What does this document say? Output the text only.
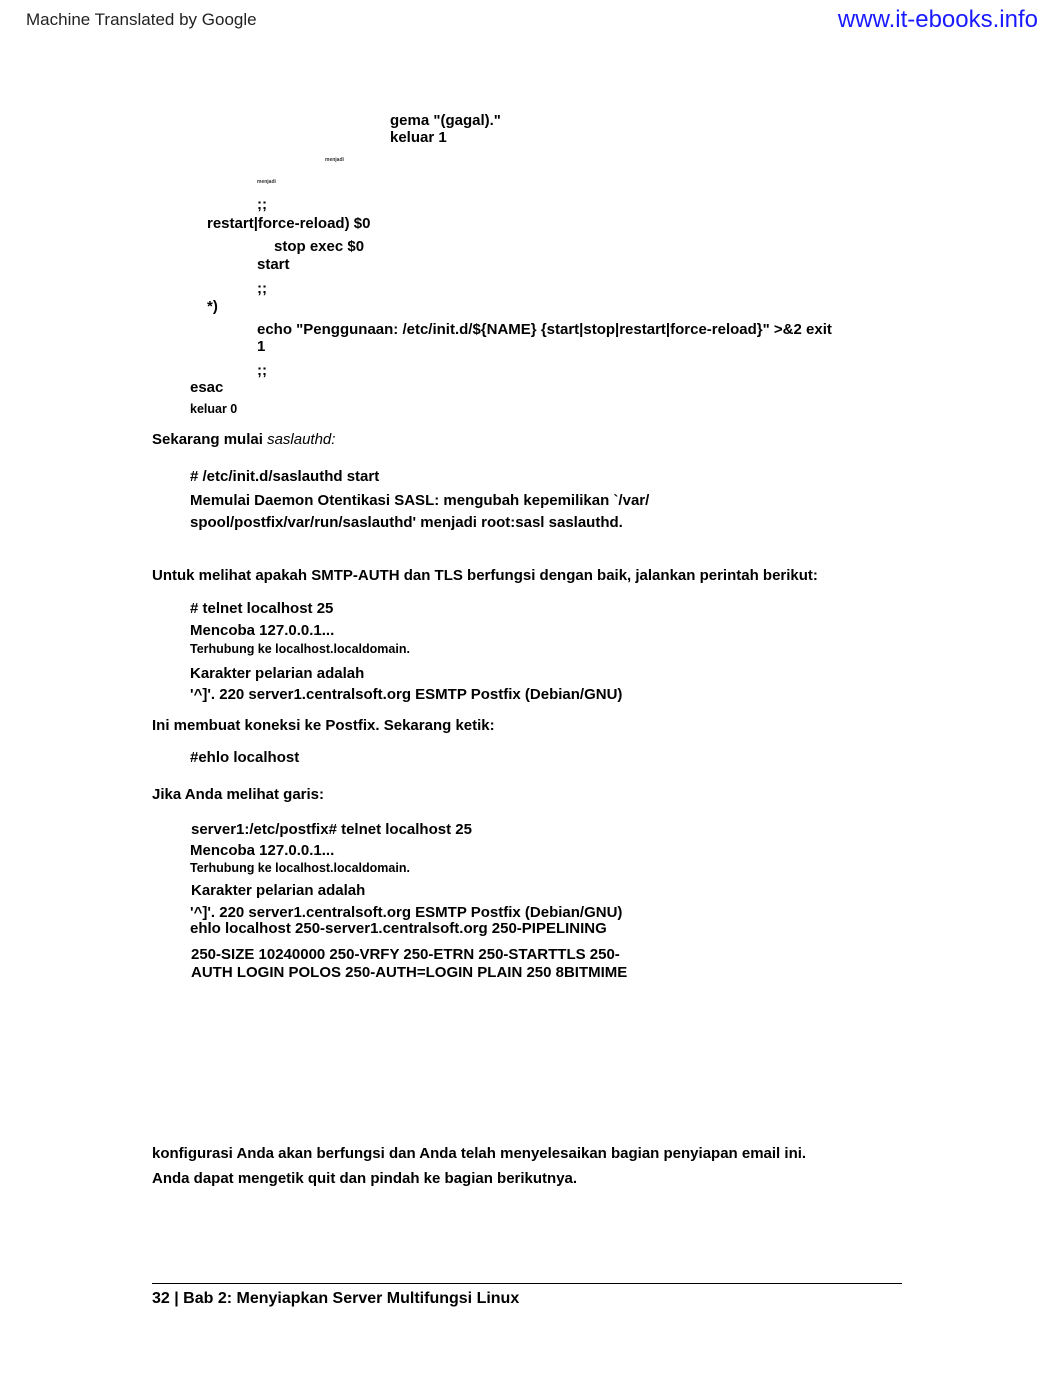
Machine Translated by Google	www.it-ebooks.info
gema "(gagal)."
keluar 1
menjadi
menjadi
;;
restart|force-reload) $0
stop exec $0
start
;;
*)
echo "Penggunaan: /etc/init.d/${NAME} {start|stop|restart|force-reload}" >&2 exit
1
;;
esac
keluar 0
Sekarang mulai saslauthd:
# /etc/init.d/saslauthd start
Memulai Daemon Otentikasi SASL: mengubah kepemilikan `/var/
spool/postfix/var/run/saslauthd' menjadi root:sasl saslauthd.
Untuk melihat apakah SMTP-AUTH dan TLS berfungsi dengan baik, jalankan perintah berikut:
# telnet localhost 25
Mencoba 127.0.0.1...
Terhubung ke localhost.localdomain.
Karakter pelarian adalah
'^]'. 220 server1.centralsoft.org ESMTP Postfix (Debian/GNU)
Ini membuat koneksi ke Postfix. Sekarang ketik:
#ehlo localhost
Jika Anda melihat garis:
server1:/etc/postfix# telnet localhost 25
Mencoba 127.0.0.1...
Terhubung ke localhost.localdomain.
Karakter pelarian adalah
'^]'. 220 server1.centralsoft.org ESMTP Postfix (Debian/GNU)
ehlo localhost 250-server1.centralsoft.org 250-PIPELINING
250-SIZE 10240000 250-VRFY 250-ETRN 250-STARTTLS 250-
AUTH LOGIN POLOS 250-AUTH=LOGIN PLAIN 250 8BITMIME
konfigurasi Anda akan berfungsi dan Anda telah menyelesaikan bagian penyiapan email ini.
Anda dapat mengetik quit dan pindah ke bagian berikutnya.
32 | Bab 2: Menyiapkan Server Multifungsi Linux
